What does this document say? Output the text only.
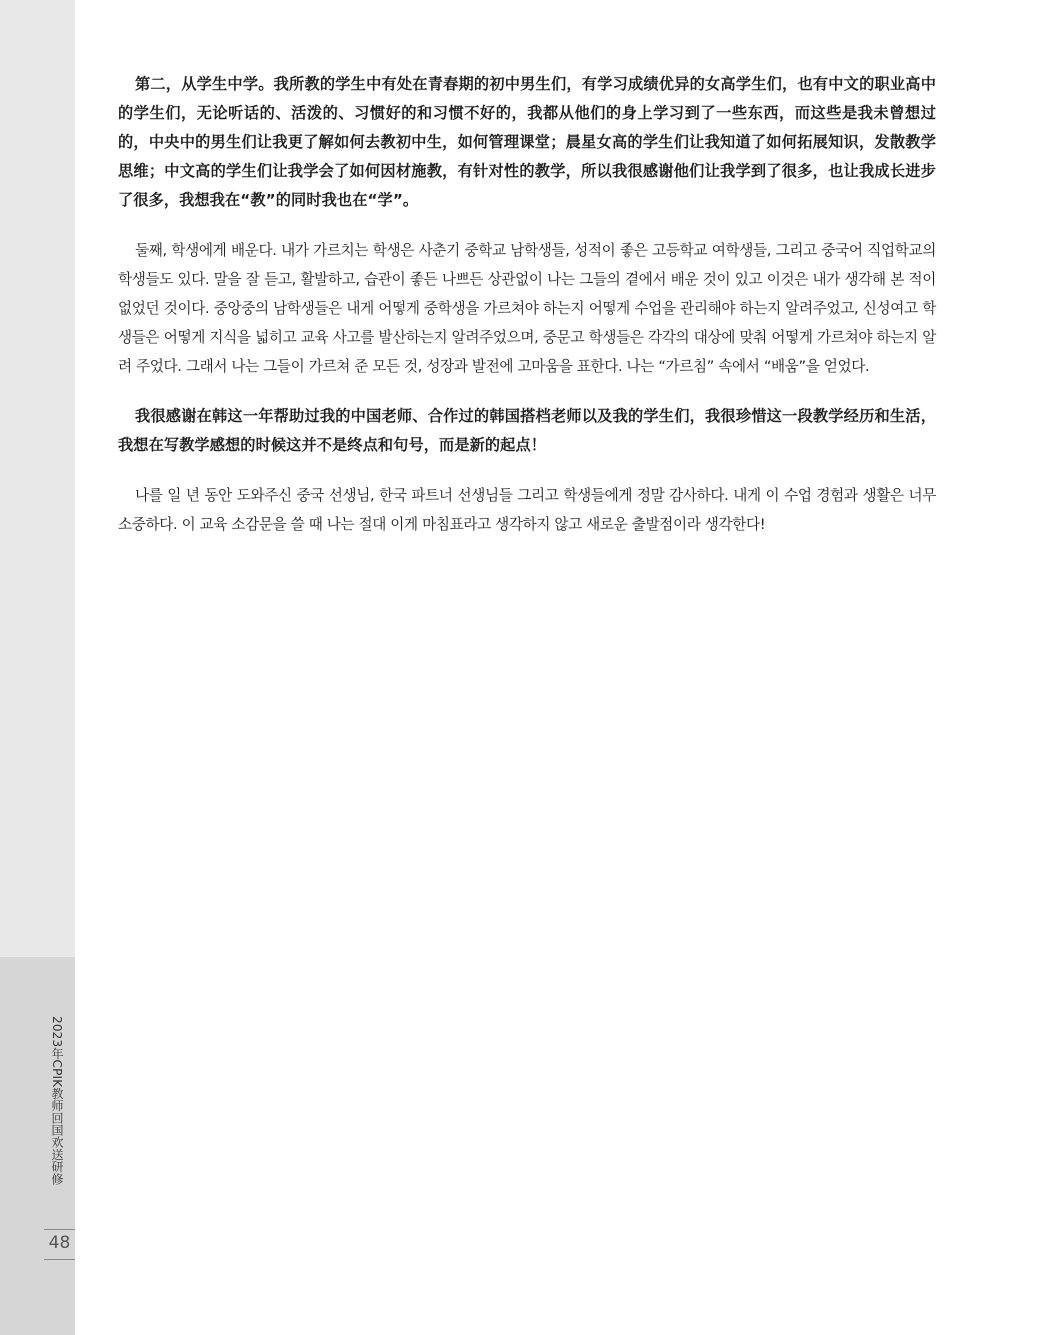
2023年CPIK教师回国欢送研修
48

第二，从学生中学。我所教的学生中有处在青春期的初中男生们，有学习成绩优异的女高学生们，也有中文的职业高中的学生们，无论听话的、活泼的、习惯好的和习惯不好的，我都从他们的身上学习到了一些东西，而这些是我未曾想过的，中央中的男生们让我更了解如何去教初中生，如何管理课堂；晨星女高的学生们让我知道了如何拓展知识，发散教学思维；中文高的学生们让我学会了如何因材施教，有针对性的教学，所以我很感谢他们让我学到了很多，也让我成长进步了很多，我想我在“教”的同时我也在“学”。

둘째, 학생에게 배운다. 내가 가르치는 학생은 사춘기 중학교 남학생들, 성적이 좋은 고등학교 여학생들, 그리고 중국어 직업학교의 학생들도 있다. 말을 잘 듣고, 활발하고, 습관이 좋든 나쁘든 상관없이 나는 그들의 곁에서 배운 것이 있고 이것은 내가 생각해 본 적이 없었던 것이다. 중앙중의 남학생들은 내게 어떻게 중학생을 가르쳐야 하는지 어떻게 수업을 관리해야 하는지 알려주었고, 신성여고 학생들은 어떻게 지식을 넓히고 교육 사고를 발산하는지 알려주었으며, 중문고 학생들은 각각의 대상에 맞춰 어떻게 가르쳐야 하는지 알려 주었다. 그래서 나는 그들이 가르쳐 준 모든 것, 성장과 발전에 고마움을 표한다. 나는 “가르침” 속에서 “배움”을 얻었다.

我很感谢在韩这一年帮助过我的中国老师、合作过的韩国搭档老师以及我的学生们，我很珍惜这一段教学经历和生活，我想在写教学感想的时候这并不是终点和句号，而是新的起点！

나를 일 년 동안 도와주신 중국 선생님, 한국 파트너 선생님들 그리고 학생들에게 정말 감사하다. 내게 이 수업 경험과 생활은 너무 소중하다. 이 교육 소감문을 쓸 때 나는 절대 이게 마침표라고 생각하지 않고 새로운 출발점이라 생각한다!
